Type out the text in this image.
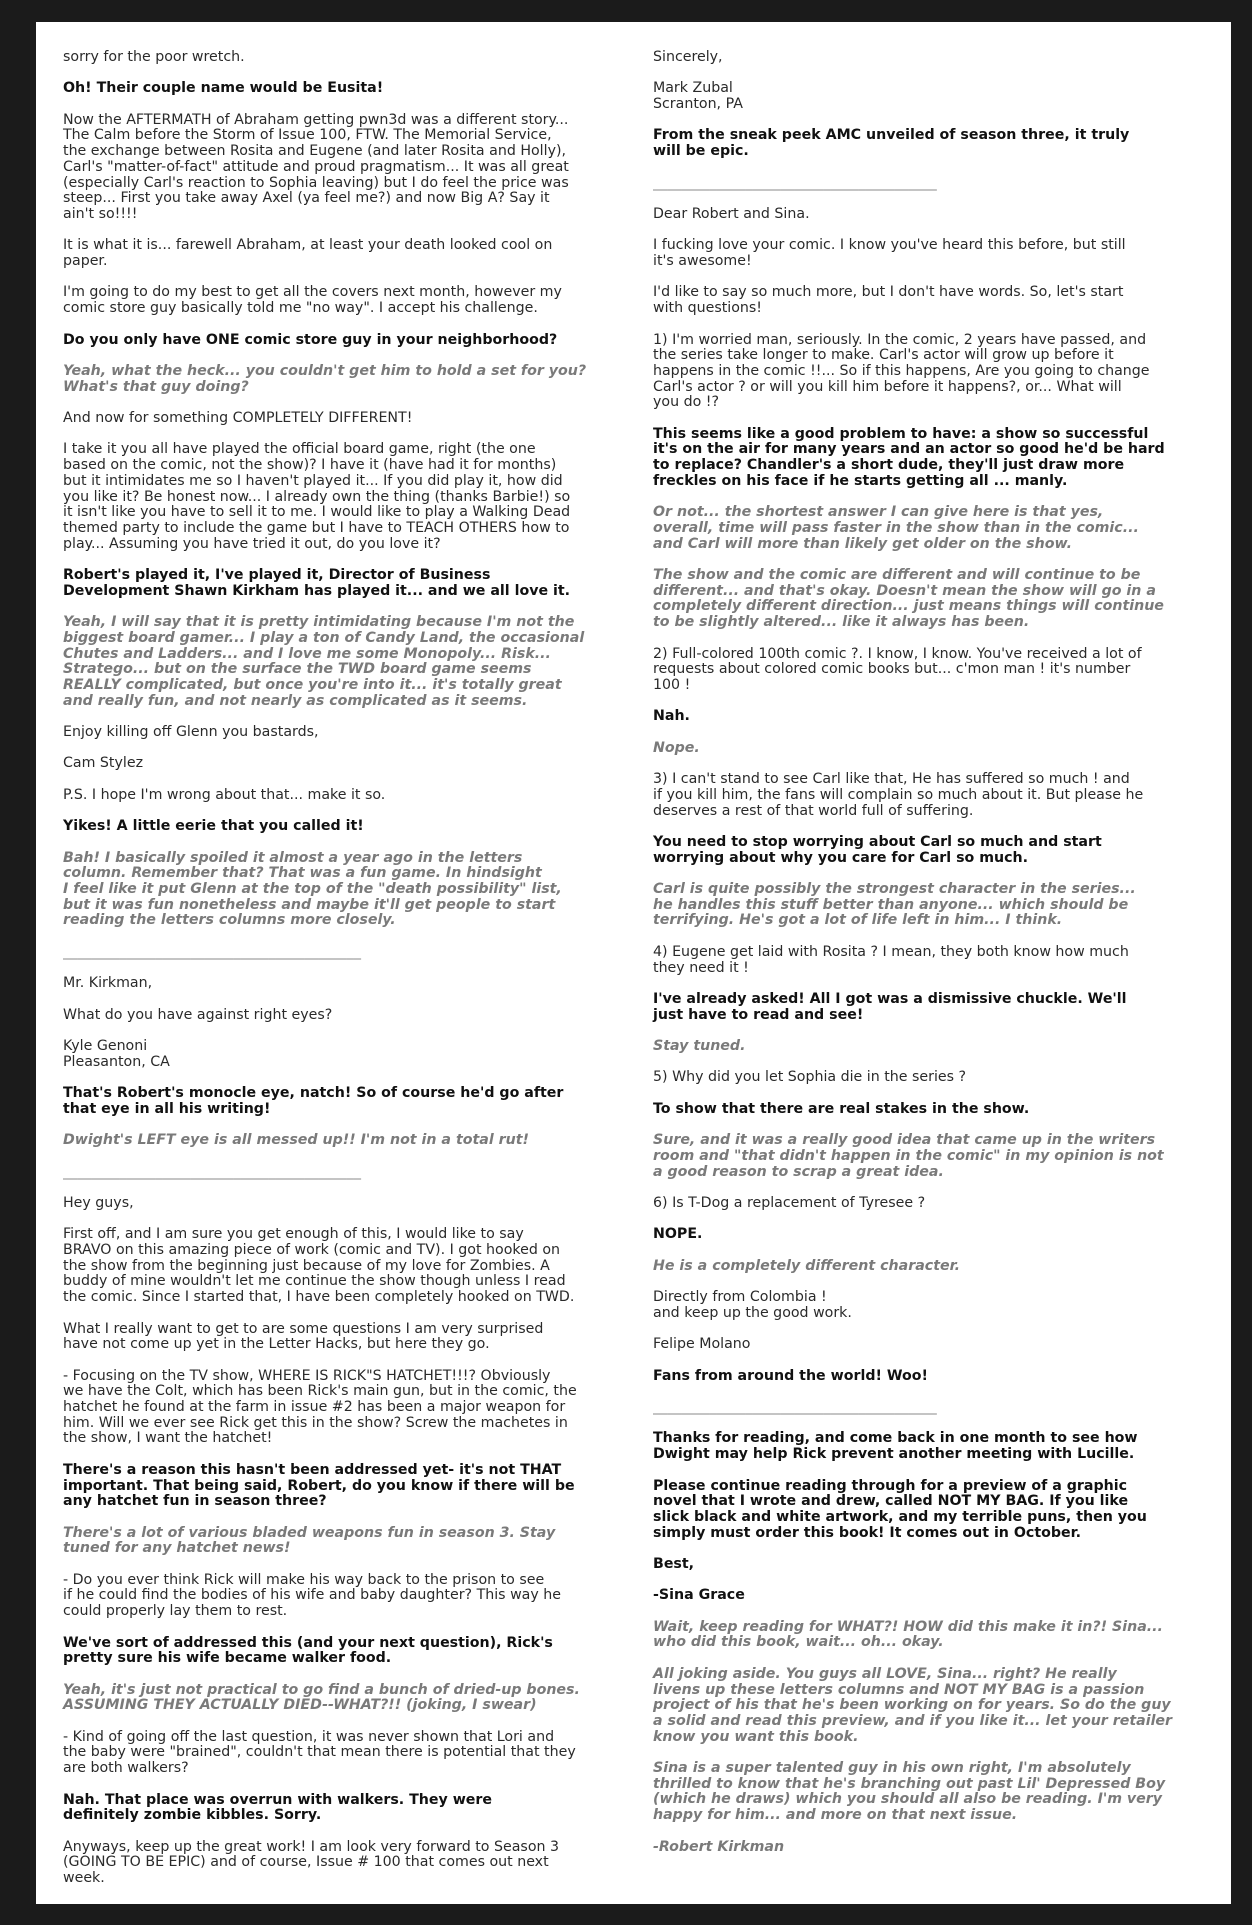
sorry for the poor wretch.

Oh! Their couple name would be Eusita!

Now the AFTERMATH of Abraham getting pwn3d was a different story...
The Calm before the Storm of Issue 100, FTW. The Memorial Service,
the exchange between Rosita and Eugene (and later Rosita and Holly),
Carl's "matter-of-fact" attitude and proud pragmatism... It was all great
(especially Carl's reaction to Sophia leaving) but I do feel the price was
steep... First you take away Axel (ya feel me?) and now Big A? Say it
ain't so!!!!

It is what it is... farewell Abraham, at least your death looked cool on
paper.

I'm going to do my best to get all the covers next month, however my
comic store guy basically told me "no way". I accept his challenge.

Do you only have ONE comic store guy in your neighborhood?

Yeah, what the heck... you couldn't get him to hold a set for you?
What's that guy doing?

And now for something COMPLETELY DIFFERENT!

I take it you all have played the official board game, right (the one
based on the comic, not the show)? I have it (have had it for months)
but it intimidates me so I haven't played it... If you did play it, how did
you like it? Be honest now... I already own the thing (thanks Barbie!) so
it isn't like you have to sell it to me. I would like to play a Walking Dead
themed party to include the game but I have to TEACH OTHERS how to
play... Assuming you have tried it out, do you love it?

Robert's played it, I've played it, Director of Business
Development Shawn Kirkham has played it... and we all love it.

Yeah, I will say that it is pretty intimidating because I'm not the
biggest board gamer... I play a ton of Candy Land, the occasional
Chutes and Ladders... and I love me some Monopoly... Risk...
Stratego... but on the surface the TWD board game seems
REALLY complicated, but once you're into it... it's totally great
and really fun, and not nearly as complicated as it seems.

Enjoy killing off Glenn you bastards,

Cam Stylez

P.S. I hope I'm wrong about that... make it so.

Yikes! A little eerie that you called it!

Bah! I basically spoiled it almost a year ago in the letters
column. Remember that? That was a fun game. In hindsight
I feel like it put Glenn at the top of the "death possibility" list,
but it was fun nonetheless and maybe it'll get people to start
reading the letters columns more closely.

__________________________________________

Mr. Kirkman,

What do you have against right eyes?

Kyle Genoni
Pleasanton, CA

That's Robert's monocle eye, natch! So of course he'd go after
that eye in all his writing!

Dwight's LEFT eye is all messed up!! I'm not in a total rut!

__________________________________________

Hey guys,

First off, and I am sure you get enough of this, I would like to say
BRAVO on this amazing piece of work (comic and TV). I got hooked on
the show from the beginning just because of my love for Zombies. A
buddy of mine wouldn't let me continue the show though unless I read
the comic. Since I started that, I have been completely hooked on TWD.

What I really want to get to are some questions I am very surprised
have not come up yet in the Letter Hacks, but here they go.

- Focusing on the TV show, WHERE IS RICK"S HATCHET!!!? Obviously
we have the Colt, which has been Rick's main gun, but in the comic, the
hatchet he found at the farm in issue #2 has been a major weapon for
him. Will we ever see Rick get this in the show? Screw the machetes in
the show, I want the hatchet!

There's a reason this hasn't been addressed yet- it's not THAT
important. That being said, Robert, do you know if there will be
any hatchet fun in season three?

There's a lot of various bladed weapons fun in season 3. Stay
tuned for any hatchet news!

- Do you ever think Rick will make his way back to the prison to see
if he could find the bodies of his wife and baby daughter? This way he
could properly lay them to rest.

We've sort of addressed this (and your next question), Rick's
pretty sure his wife became walker food.

Yeah, it's just not practical to go find a bunch of dried-up bones.
ASSUMING THEY ACTUALLY DIED--WHAT?!! (joking, I swear)

- Kind of going off the last question, it was never shown that Lori and
the baby were "brained", couldn't that mean there is potential that they
are both walkers?

Nah. That place was overrun with walkers. They were
definitely zombie kibbles. Sorry.

Anyways, keep up the great work! I am look very forward to Season 3
(GOING TO BE EPIC) and of course, Issue # 100 that comes out next
week.

Sincerely,

Mark Zubal
Scranton, PA

From the sneak peek AMC unveiled of season three, it truly
will be epic.

________________________________________

Dear Robert and Sina.

I fucking love your comic. I know you've heard this before, but still
it's awesome!

I'd like to say so much more, but I don't have words. So, let's start
with questions!

1) I'm worried man, seriously. In the comic, 2 years have passed, and
the series take longer to make. Carl's actor will grow up before it
happens in the comic !!... So if this happens, Are you going to change
Carl's actor ? or will you kill him before it happens?, or... What will
you do !?

This seems like a good problem to have: a show so successful
it's on the air for many years and an actor so good he'd be hard
to replace? Chandler's a short dude, they'll just draw more
freckles on his face if he starts getting all ... manly.

Or not... the shortest answer I can give here is that yes,
overall, time will pass faster in the show than in the comic...
and Carl will more than likely get older on the show.

The show and the comic are different and will continue to be
different... and that's okay. Doesn't mean the show will go in a
completely different direction... just means things will continue
to be slightly altered... like it always has been.

2) Full-colored 100th comic ?. I know, I know. You've received a lot of
requests about colored comic books but... c'mon man ! it's number
100 !

Nah.

Nope.

3) I can't stand to see Carl like that, He has suffered so much ! and
if you kill him, the fans will complain so much about it. But please he
deserves a rest of that world full of suffering.

You need to stop worrying about Carl so much and start
worrying about why you care for Carl so much.

Carl is quite possibly the strongest character in the series...
he handles this stuff better than anyone... which should be
terrifying. He's got a lot of life left in him... I think.

4) Eugene get laid with Rosita ? I mean, they both know how much
they need it !

I've already asked! All I got was a dismissive chuckle. We'll
just have to read and see!

Stay tuned.

5) Why did you let Sophia die in the series ?

To show that there are real stakes in the show.

Sure, and it was a really good idea that came up in the writers
room and "that didn't happen in the comic" in my opinion is not
a good reason to scrap a great idea.

6) Is T-Dog a replacement of Tyresee ?

NOPE.

He is a completely different character.

Directly from Colombia !
and keep up the good work.

Felipe Molano

Fans from around the world! Woo!

________________________________________

Thanks for reading, and come back in one month to see how
Dwight may help Rick prevent another meeting with Lucille.

Please continue reading through for a preview of a graphic
novel that I wrote and drew, called NOT MY BAG. If you like
slick black and white artwork, and my terrible puns, then you
simply must order this book! It comes out in October.

Best,

-Sina Grace

Wait, keep reading for WHAT?! HOW did this make it in?! Sina...
who did this book, wait... oh... okay.

All joking aside. You guys all LOVE, Sina... right? He really
livens up these letters columns and NOT MY BAG is a passion
project of his that he's been working on for years. So do the guy
a solid and read this preview, and if you like it... let your retailer
know you want this book.

Sina is a super talented guy in his own right, I'm absolutely
thrilled to know that he's branching out past Lil' Depressed Boy
(which he draws) which you should all also be reading. I'm very
happy for him... and more on that next issue.

-Robert Kirkman
